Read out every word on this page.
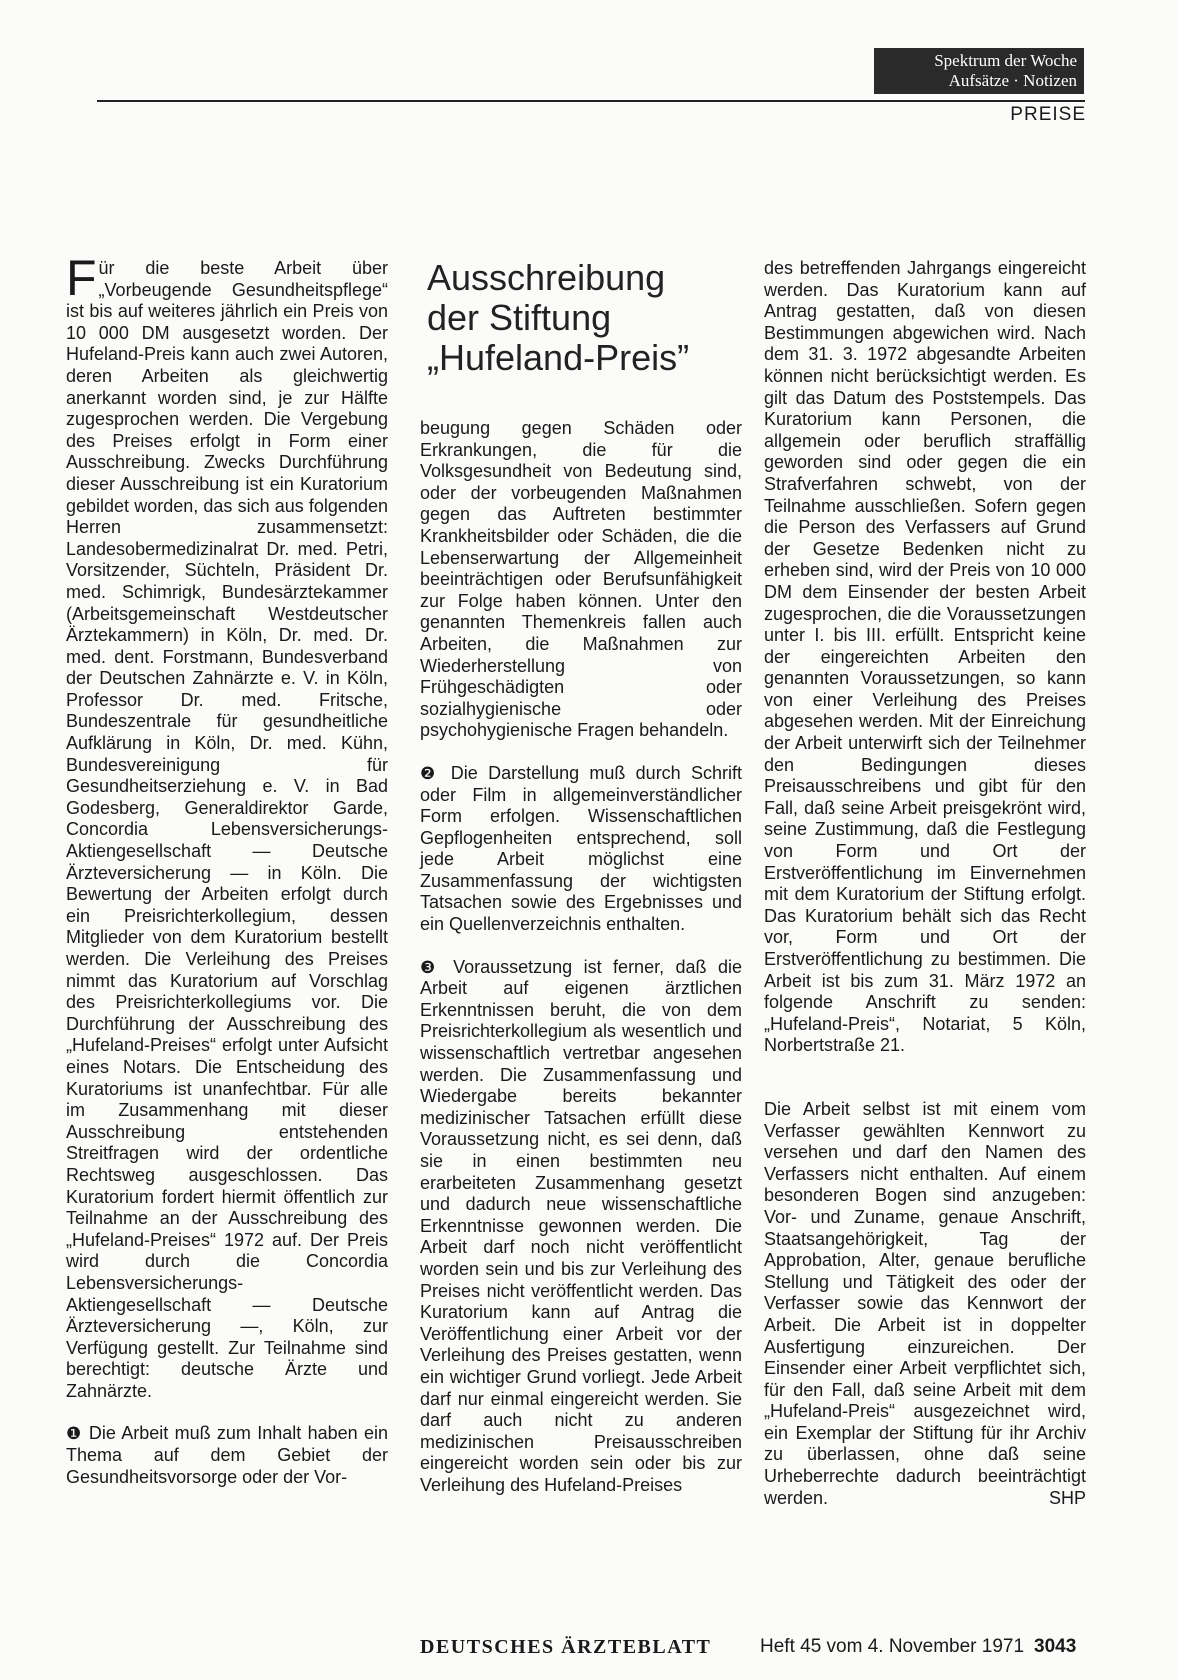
Spektrum der Woche
Aufsätze · Notizen
PREISE
Ausschreibung
der Stiftung
„Hufeland-Preis”

Für die beste Arbeit über „Vorbeugende Gesundheitspflege“ ist bis auf weiteres jährlich ein Preis von 10 000 DM ausgesetzt worden. Der Hufeland-Preis kann auch zwei Autoren, deren Arbeiten als gleichwertig anerkannt worden sind, je zur Hälfte zugesprochen werden. Die Vergebung des Preises erfolgt in Form einer Ausschreibung. Zwecks Durchführung dieser Ausschreibung ist ein Kuratorium gebildet worden, das sich aus folgenden Herren zusammensetzt: Landesobermedizinalrat Dr. med. Petri, Vorsitzender, Süchteln, Präsident Dr. med. Schimrigk, Bundesärztekammer (Arbeitsgemeinschaft Westdeutscher Ärztekammern) in Köln, Dr. med. Dr. med. dent. Forstmann, Bundesverband der Deutschen Zahnärzte e. V. in Köln, Professor Dr. med. Fritsche, Bundeszentrale für gesundheitliche Aufklärung in Köln, Dr. med. Kühn, Bundesvereinigung für Gesundheitserziehung e. V. in Bad Godesberg, Generaldirektor Garde, Concordia Lebensversicherungs-Aktiengesellschaft — Deutsche Ärzteversicherung — in Köln. Die Bewertung der Arbeiten erfolgt durch ein Preisrichterkollegium, dessen Mitglieder von dem Kuratorium bestellt werden. Die Verleihung des Preises nimmt das Kuratorium auf Vorschlag des Preisrichterkollegiums vor. Die Durchführung der Ausschreibung des „Hufeland-Preises“ erfolgt unter Aufsicht eines Notars. Die Entscheidung des Kuratoriums ist unanfechtbar. Für alle im Zusammenhang mit dieser Ausschreibung entstehenden Streitfragen wird der ordentliche Rechtsweg ausgeschlossen. Das Kuratorium fordert hiermit öffentlich zur Teilnahme an der Ausschreibung des „Hufeland-Preises“ 1972 auf. Der Preis wird durch die Concordia Lebensversicherungs-Aktiengesellschaft — Deutsche Ärzteversicherung —, Köln, zur Verfügung gestellt. Zur Teilnahme sind berechtigt: deutsche Ärzte und Zahnärzte.

❶ Die Arbeit muß zum Inhalt haben ein Thema auf dem Gebiet der Gesundheitsvorsorge oder der Vor-

beugung gegen Schäden oder Erkrankungen, die für die Volksgesundheit von Bedeutung sind, oder der vorbeugenden Maßnahmen gegen das Auftreten bestimmter Krankheitsbilder oder Schäden, die die Lebenserwartung der Allgemeinheit beeinträchtigen oder Berufsunfähigkeit zur Folge haben können. Unter den genannten Themenkreis fallen auch Arbeiten, die Maßnahmen zur Wiederherstellung von Frühgeschädigten oder sozialhygienische oder psychohygienische Fragen behandeln.

❷ Die Darstellung muß durch Schrift oder Film in allgemeinverständlicher Form erfolgen. Wissenschaftlichen Gepflogenheiten entsprechend, soll jede Arbeit möglichst eine Zusammenfassung der wichtigsten Tatsachen sowie des Ergebnisses und ein Quellenverzeichnis enthalten.

❸ Voraussetzung ist ferner, daß die Arbeit auf eigenen ärztlichen Erkenntnissen beruht, die von dem Preisrichterkollegium als wesentlich und wissenschaftlich vertretbar angesehen werden. Die Zusammenfassung und Wiedergabe bereits bekannter medizinischer Tatsachen erfüllt diese Voraussetzung nicht, es sei denn, daß sie in einen bestimmten neu erarbeiteten Zusammenhang gesetzt und dadurch neue wissenschaftliche Erkenntnisse gewonnen werden. Die Arbeit darf noch nicht veröffentlicht worden sein und bis zur Verleihung des Preises nicht veröffentlicht werden. Das Kuratorium kann auf Antrag die Veröffentlichung einer Arbeit vor der Verleihung des Preises gestatten, wenn ein wichtiger Grund vorliegt. Jede Arbeit darf nur einmal eingereicht werden. Sie darf auch nicht zu anderen medizinischen Preisausschreiben eingereicht worden sein oder bis zur Verleihung des Hufeland-Preises

des betreffenden Jahrgangs eingereicht werden. Das Kuratorium kann auf Antrag gestatten, daß von diesen Bestimmungen abgewichen wird. Nach dem 31. 3. 1972 abgesandte Arbeiten können nicht berücksichtigt werden. Es gilt das Datum des Poststempels. Das Kuratorium kann Personen, die allgemein oder beruflich straffällig geworden sind oder gegen die ein Strafverfahren schwebt, von der Teilnahme ausschließen. Sofern gegen die Person des Verfassers auf Grund der Gesetze Bedenken nicht zu erheben sind, wird der Preis von 10 000 DM dem Einsender der besten Arbeit zugesprochen, die die Voraussetzungen unter I. bis III. erfüllt. Entspricht keine der eingereichten Arbeiten den genannten Voraussetzungen, so kann von einer Verleihung des Preises abgesehen werden. Mit der Einreichung der Arbeit unterwirft sich der Teilnehmer den Bedingungen dieses Preisausschreibens und gibt für den Fall, daß seine Arbeit preisgekrönt wird, seine Zustimmung, daß die Festlegung von Form und Ort der Erstveröffentlichung im Einvernehmen mit dem Kuratorium der Stiftung erfolgt. Das Kuratorium behält sich das Recht vor, Form und Ort der Erstveröffentlichung zu bestimmen. Die Arbeit ist bis zum 31. März 1972 an folgende Anschrift zu senden: „Hufeland-Preis“, Notariat, 5 Köln, Norbertstraße 21.

Die Arbeit selbst ist mit einem vom Verfasser gewählten Kennwort zu versehen und darf den Namen des Verfassers nicht enthalten. Auf einem besonderen Bogen sind anzugeben: Vor- und Zuname, genaue Anschrift, Staatsangehörigkeit, Tag der Approbation, Alter, genaue berufliche Stellung und Tätigkeit des oder der Verfasser sowie das Kennwort der Arbeit. Die Arbeit ist in doppelter Ausfertigung einzureichen. Der Einsender einer Arbeit verpflichtet sich, für den Fall, daß seine Arbeit mit dem „Hufeland-Preis“ ausgezeichnet wird, ein Exemplar der Stiftung für ihr Archiv zu überlassen, ohne daß seine Urheberrechte dadurch beeinträchtigt werden.	SHP

DEUTSCHES ÄRZTEBLATT	Heft 45 vom 4. November 1971 3043
